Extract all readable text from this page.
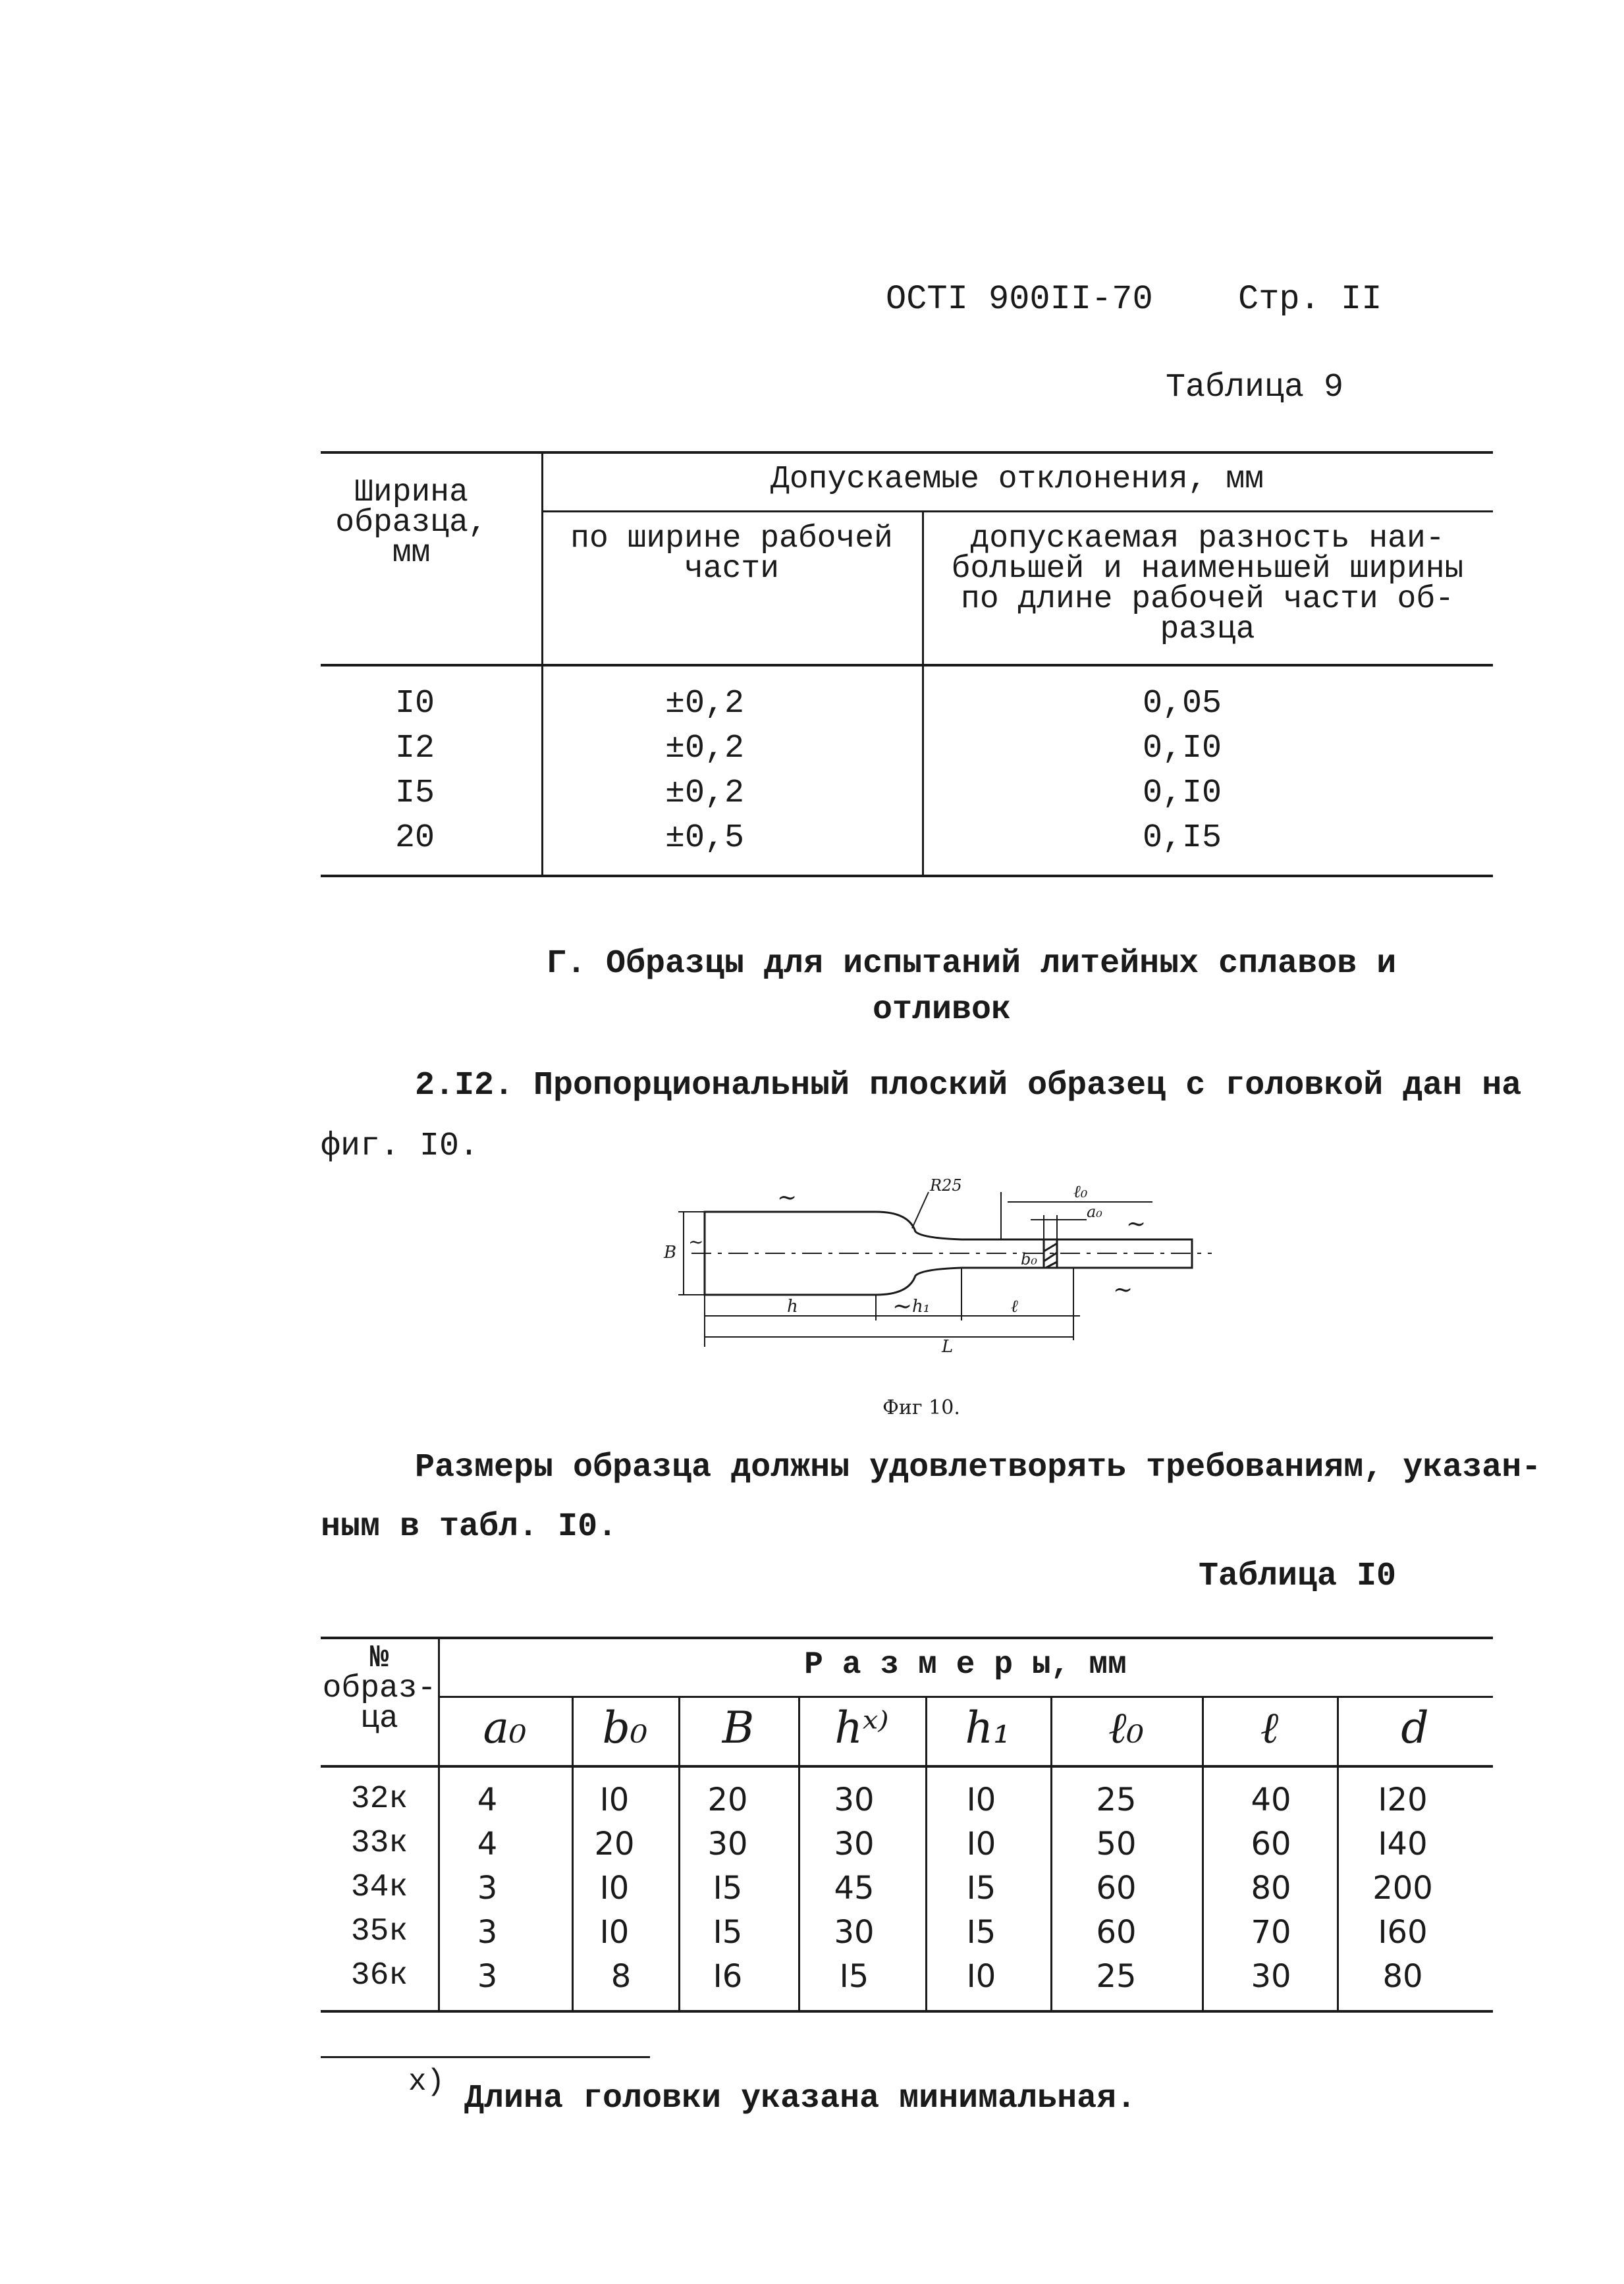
ОСТI 900II-70 Стр. II
Таблица 9
Ширина
образца,
мм
Допускаемые отклонения, мм
по ширине рабочей
части
допускаемая разность наи-
большей и наименьшей ширины
по длине рабочей части об-
разца
I0	±0,2	0,05
I2	±0,2	0,I0
I5	±0,2	0,I0
20	±0,5	0,I5
Г. Образцы для испытаний литейных сплавов и
отливок
2.I2. Пропорциональный плоский образец с головкой дан на
фиг. I0.
R25	ℓ₀
a₀
b₀
B
h	h₁	ℓ
L
~
~
~
~
~
Фиг 10.
Размеры образца должны удовлетворять требованиям, указан-
ным в табл. I0.
Таблица I0
№
образ-
ца
Р а з м е р ы, мм
a₀	b₀	B	hˣ⁾	h₁	ℓ₀	ℓ	d
32к	4	I0	20	30	I0	25	40	I20
33к	4	20	30	30	I0	50	60	I40
34к	3	I0	I5	45	I5	60	80	200
35к	3	I0	I5	30	I5	60	70	I60
36к	3	8	I6	I5	I0	25	30	80
x) Длина головки указана минимальная.
